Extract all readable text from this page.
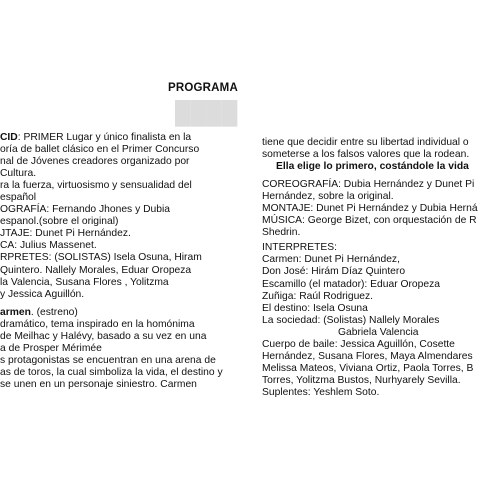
████
PROGRAMA
CID: PRIMER Lugar y único finalista en la
oría de ballet clásico en el Primer Concurso
nal de Jóvenes creadores organizado por
Cultura.
ra la fuerza, virtuosismo y sensualidad del
español
OGRAFÍA: Fernando Jhones y Dubia
espanol.(sobre el original)
JTAJE: Dunet Pi Hernández.
CA: Julius Massenet.
RPRETES: (SOLISTAS) Isela Osuna, Hiram
Quintero. Nallely Morales, Eduar Oropeza
la Valencia, Susana Flores , Yolitzma
y Jessica Aguillón.
armen. (estreno)
dramático, tema inspirado en la homónima
de Meilhac y Halévy, basado a su vez en una
a de Prosper Mérimée
s protagonistas se encuentran en una arena de
as de toros, la cual simboliza la vida, el destino y
se unen en un personaje siniestro. Carmen
tiene que decidir entre su libertad individual o
someterse a los falsos valores que la rodean.
Ella elige lo primero, costándole la vida
COREOGRAFÍA: Dubia Hernández y Dunet Pi
Hernández, sobre la original.
MONTAJE: Dunet Pi Hernández y Dubia Herná
MÚSICA: George Bizet, con orquestación de R
Shedrin.
INTERPRETES:
Carmen: Dunet Pi Hernández,
Don José: Hirám Díaz Quintero
Escamillo (el matador): Eduar Oropeza
Zuñiga: Raúl Rodriguez.
El destino: Isela Osuna
La sociedad: (Solistas) Nallely Morales
Gabriela Valencia
Cuerpo de baile: Jessica Aguillón, Cosette
Hernández, Susana Flores, Maya Almendares
Melissa Mateos, Viviana Ortiz, Paola Torres, B
Torres, Yolitzma Bustos, Nurhyarely Sevilla.
Suplentes: Yeshlem Soto.
